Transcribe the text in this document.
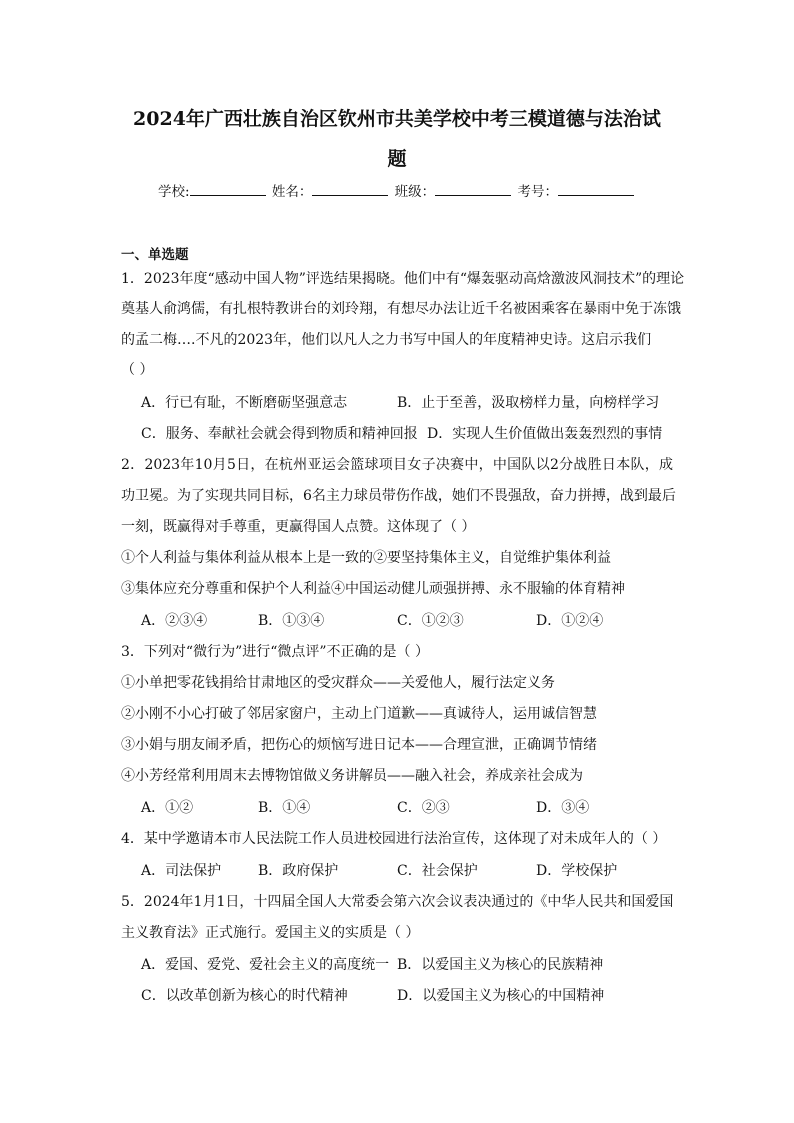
2024年广西壮族自治区钦州市共美学校中考三模道德与法治试
题
学校:	姓名：	班级：	考号：
一、单选题
1．2023年度“感动中国人物”评选结果揭晓。他们中有“爆轰驱动高焓激波风洞技术”的理论
奠基人俞鸿儒，有扎根特教讲台的刘玲翔，有想尽办法让近千名被困乘客在暴雨中免于冻饿
的孟二梅….不凡的2023年，他们以凡人之力书写中国人的年度精神史诗。这启示我们
（ ）
A．行已有耻，不断磨砺坚强意志	B．止于至善，汲取榜样力量，向榜样学习
C．服务、奉献社会就会得到物质和精神回报 D．实现人生价值做出轰轰烈烈的事情
2．2023年10月5日，在杭州亚运会篮球项目女子决赛中，中国队以2分战胜日本队，成
功卫冕。为了实现共同目标，6名主力球员带伤作战，她们不畏强敌，奋力拼搏，战到最后
一刻，既赢得对手尊重，更赢得国人点赞。这体现了（ ）
①个人利益与集体利益从根本上是一致的②要坚持集体主义，自觉维护集体利益
③集体应充分尊重和保护个人利益④中国运动健儿顽强拼搏、永不服输的体育精神
A．②③④	B．①③④	C．①②③	D．①②④
3．下列对“微行为”进行“微点评”不正确的是（ ）
①小单把零花钱捐给甘肃地区的受灾群众——关爱他人，履行法定义务
②小刚不小心打破了邻居家窗户，主动上门道歉——真诚待人，运用诚信智慧
③小娟与朋友闹矛盾，把伤心的烦恼写进日记本——合理宣泄，正确调节情绪
④小芳经常利用周末去博物馆做义务讲解员——融入社会，养成亲社会成为
A．①②	B．①④	C．②③	D．③④
4．某中学邀请本市人民法院工作人员进校园进行法治宣传，这体现了对未成年人的（ ）
A．司法保护	B．政府保护	C．社会保护	D．学校保护
5．2024年1月1日，十四届全国人大常委会第六次会议表决通过的《中华人民共和国爱国
主义教育法》正式施行。爱国主义的实质是（ ）
A．爱国、爱党、爱社会主义的高度统一 B．以爱国主义为核心的民族精神
C．以改革创新为核心的时代精神	D．以爱国主义为核心的中国精神
